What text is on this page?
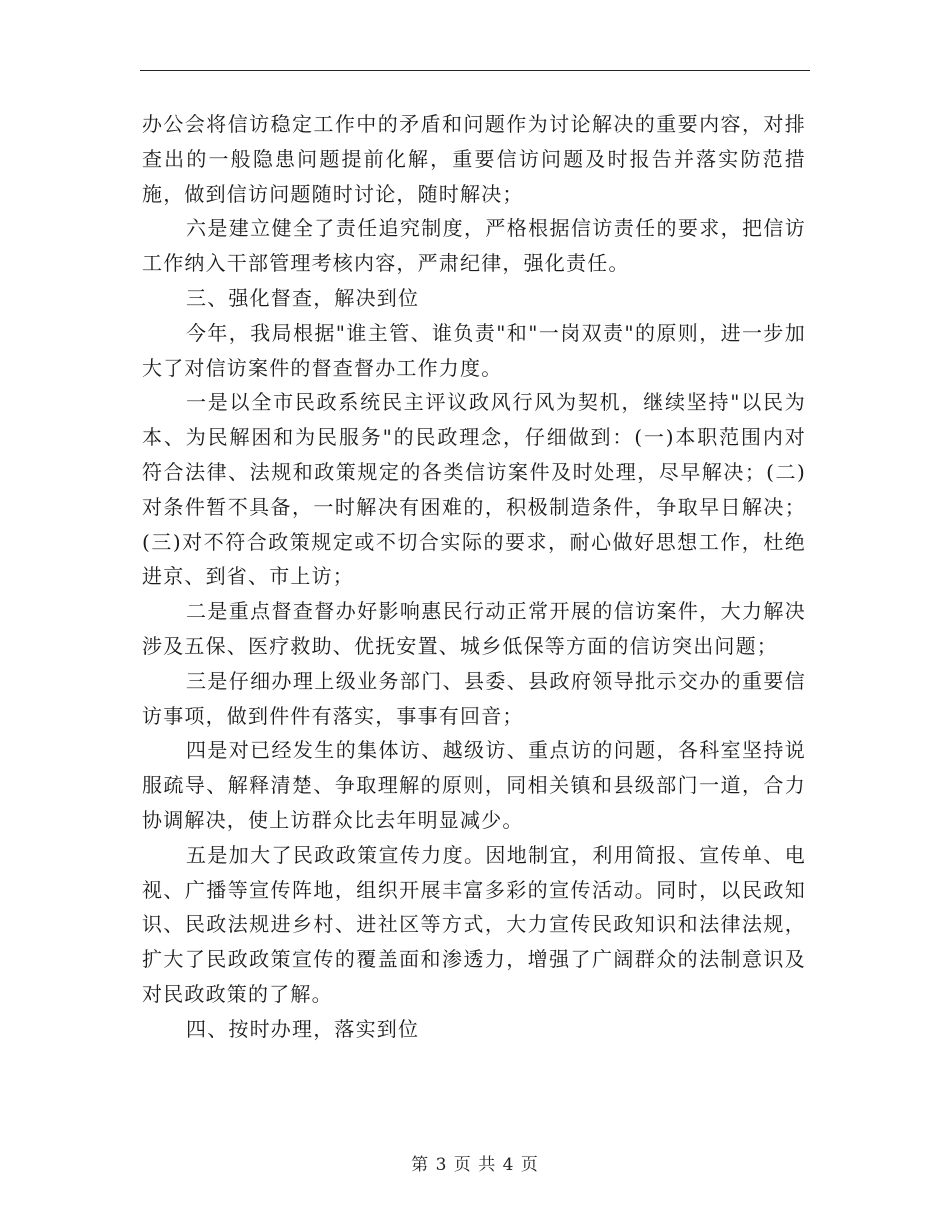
办公会将信访稳定工作中的矛盾和问题作为讨论解决的重要内容，对排查出的一般隐患问题提前化解，重要信访问题及时报告并落实防范措施，做到信访问题随时讨论，随时解决；

六是建立健全了责任追究制度，严格根据信访责任的要求，把信访工作纳入干部管理考核内容，严肃纪律，强化责任。

三、强化督查，解决到位

今年，我局根据"谁主管、谁负责"和"一岗双责"的原则，进一步加大了对信访案件的督查督办工作力度。

一是以全市民政系统民主评议政风行风为契机，继续坚持"以民为本、为民解困和为民服务"的民政理念，仔细做到：(一)本职范围内对符合法律、法规和政策规定的各类信访案件及时处理，尽早解决；(二)对条件暂不具备，一时解决有困难的，积极制造条件，争取早日解决；(三)对不符合政策规定或不切合实际的要求，耐心做好思想工作，杜绝进京、到省、市上访；

二是重点督查督办好影响惠民行动正常开展的信访案件，大力解决涉及五保、医疗救助、优抚安置、城乡低保等方面的信访突出问题；

三是仔细办理上级业务部门、县委、县政府领导批示交办的重要信访事项，做到件件有落实，事事有回音；

四是对已经发生的集体访、越级访、重点访的问题，各科室坚持说服疏导、解释清楚、争取理解的原则，同相关镇和县级部门一道，合力协调解决，使上访群众比去年明显减少。

五是加大了民政政策宣传力度。因地制宜，利用简报、宣传单、电视、广播等宣传阵地，组织开展丰富多彩的宣传活动。同时，以民政知识、民政法规进乡村、进社区等方式，大力宣传民政知识和法律法规，扩大了民政政策宣传的覆盖面和渗透力，增强了广阔群众的法制意识及对民政政策的了解。

四、按时办理，落实到位

第 3 页 共 4 页
